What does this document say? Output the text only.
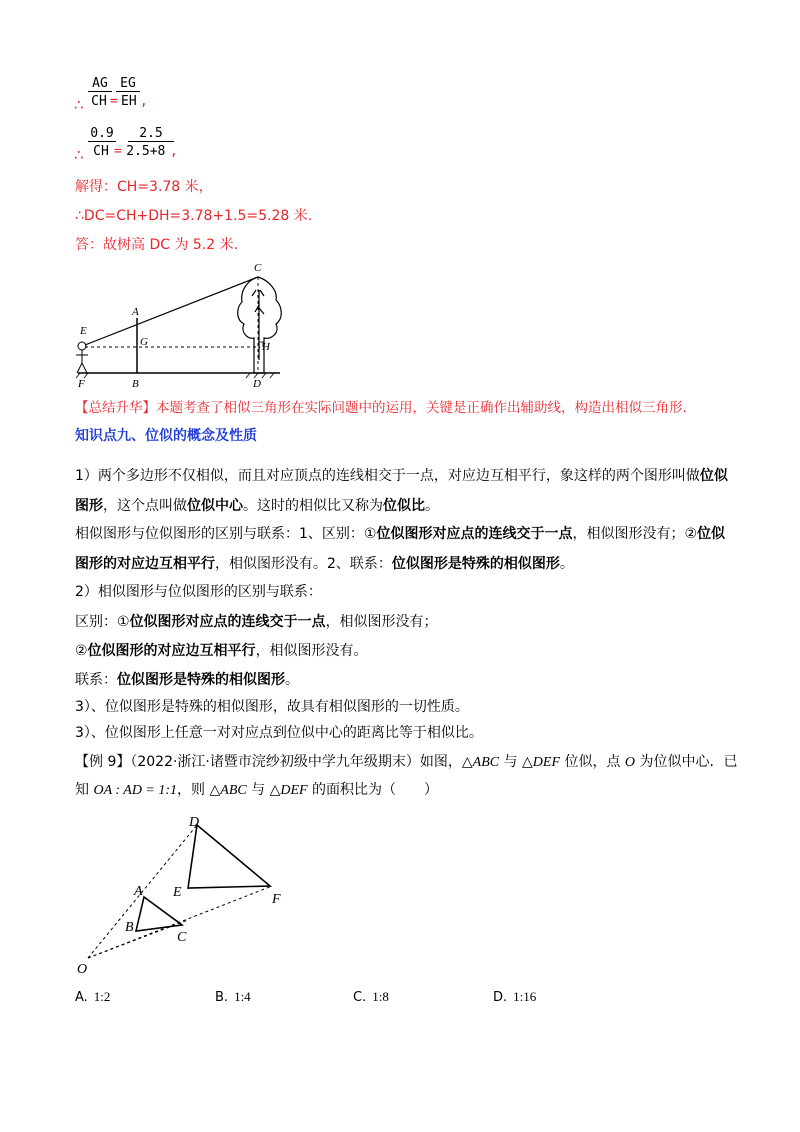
AG EG
∴ CH = EH ,
0.9 2.5
∴ CH = 2.5+8 ,
解得：CH=3.78 米，
∴DC=CH+DH=3.78+1.5=5.28 米.
答：故树高 DC 为 5.2 米.
C
A
E
G	H
F	B	D
【总结升华】本题考查了相似三角形在实际问题中的运用，关键是正确作出辅助线，构造出相似三角形.
知识点九、位似的概念及性质
1）两个多边形不仅相似，而且对应顶点的连线相交于一点，对应边互相平行，象这样的两个图形叫做位似图形，这个点叫做位似中心。这时的相似比又称为位似比。
相似图形与位似图形的区别与联系：1、区别：①位似图形对应点的连线交于一点，相似图形没有；②位似图形的对应边互相平行，相似图形没有。2、联系：位似图形是特殊的相似图形。
2）相似图形与位似图形的区别与联系：
区别：①位似图形对应点的连线交于一点，相似图形没有；
②位似图形的对应边互相平行，相似图形没有。
联系：位似图形是特殊的相似图形。
3）、位似图形是特殊的相似图形，故具有相似图形的一切性质。
3）、位似图形上任意一对对应点到位似中心的距离比等于相似比。
【例 9】（2022·浙江·诸暨市浣纱初级中学九年级期末）如图，△ABC 与 △DEF 位似，点 O 为位似中心．已
知 OA : AD = 1:1，则 △ABC 与 △DEF 的面积比为（　　）
D
A E	F
B
C
O
A. 1:2	B. 1:4	C. 1:8	D. 1:16
